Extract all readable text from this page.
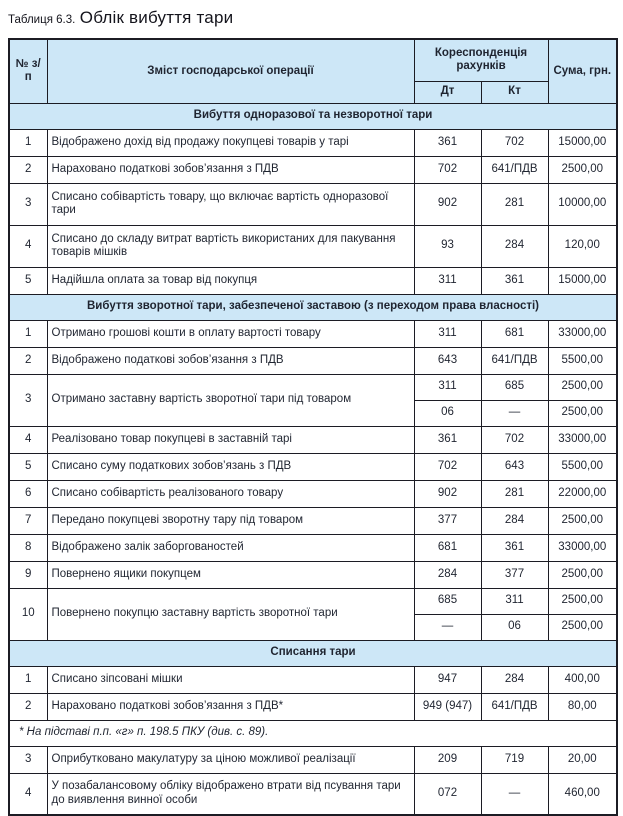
Таблиця 6.3. Облік вибуття тари
№ з/п	Зміст господарської операції	Кореспонденція рахунків		Сума, грн.
		Дт	Кт	
Вибуття одноразової та незворотної тари				
1	Відображено дохід від продажу покупцеві товарів у тарі	361	702	15000,00
2	Нараховано податкові зобов’язання з ПДВ	702	641/ПДВ	2500,00
3	Списано собівартість товару, що включає вартість одноразової тари	902	281	10000,00
4	Списано до складу витрат вартість використаних для пакування товарів мішків	93	284	120,00
5	Надійшла оплата за товар від покупця	311	361	15000,00
Вибуття зворотної тари, забезпеченої заставою (з переходом права власності)				
1	Отримано грошові кошти в оплату вартості товару	311	681	33000,00
2	Відображено податкові зобов’язання з ПДВ	643	641/ПДВ	5500,00
3	Отримано заставну вартість зворотної тари під товаром	311	685	2500,00
		06	—	2500,00
4	Реалізовано товар покупцеві в заставній тарі	361	702	33000,00
5	Списано суму податкових зобов’язань з ПДВ	702	643	5500,00
6	Списано собівартість реалізованого товару	902	281	22000,00
7	Передано покупцеві зворотну тару під товаром	377	284	2500,00
8	Відображено залік заборгованостей	681	361	33000,00
9	Повернено ящики покупцем	284	377	2500,00
10	Повернено покупцю заставну вартість зворотної тари	685	311	2500,00
		—	06	2500,00
Списання тари				
1	Списано зіпсовані мішки	947	284	400,00
2	Нараховано податкові зобов’язання з ПДВ*	949 (947)	641/ПДВ	80,00
* На підставі п.п. «г» п. 198.5 ПКУ (див. с. 89).				
3	Оприбутковано макулатуру за ціною можливої реалізації	209	719	20,00
4	У позабалансовому обліку відображено втрати від псування тари до виявлення винної особи	072	—	460,00
